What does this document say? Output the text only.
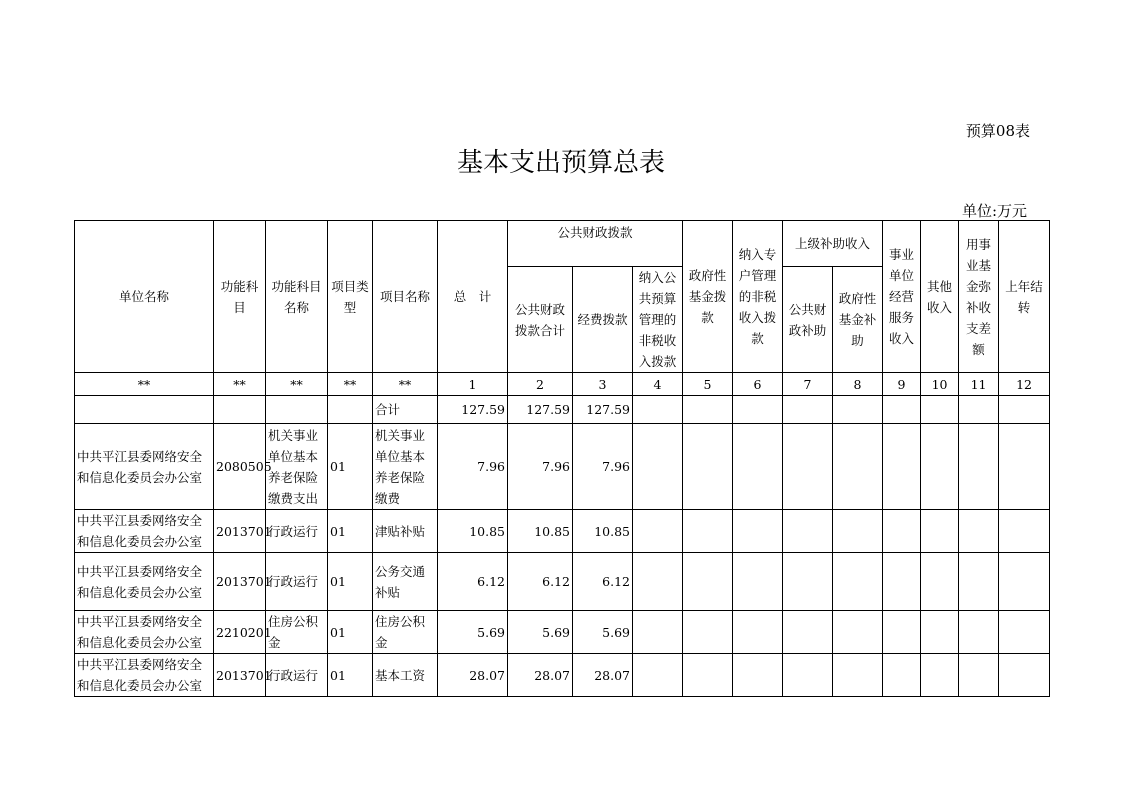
预算08表
基本支出预算总表
单位:万元
单位名称	功能科目	功能科目名称	项目类型	项目名称	总　计	公共财政拨款			政府性基金拨款	纳入专户管理的非税收入拨款	上级补助收入		事业单位经营服务收入	其他收入	用事业基金弥补收支差额	上年结转
						公共财政拨款合计	经费拨款	纳入公共预算管理的非税收入拨款			公共财政补助	政府性基金补助				
**	**	**	**	**	1	2	3	4	5	6	7	8	9	10	11	12
				合计	127.59	127.59	127.59									
中共平江县委网络安全和信息化委员会办公室	2080505	机关事业单位基本养老保险缴费支出	01	机关事业单位基本养老保险缴费	7.96	7.96	7.96									
中共平江县委网络安全和信息化委员会办公室	2013701	行政运行	01	津贴补贴	10.85	10.85	10.85									
中共平江县委网络安全和信息化委员会办公室	2013701	行政运行	01	公务交通补贴	6.12	6.12	6.12									
中共平江县委网络安全和信息化委员会办公室	2210201	住房公积金	01	住房公积金	5.69	5.69	5.69									
中共平江县委网络安全和信息化委员会办公室	2013701	行政运行	01	基本工资	28.07	28.07	28.07									
